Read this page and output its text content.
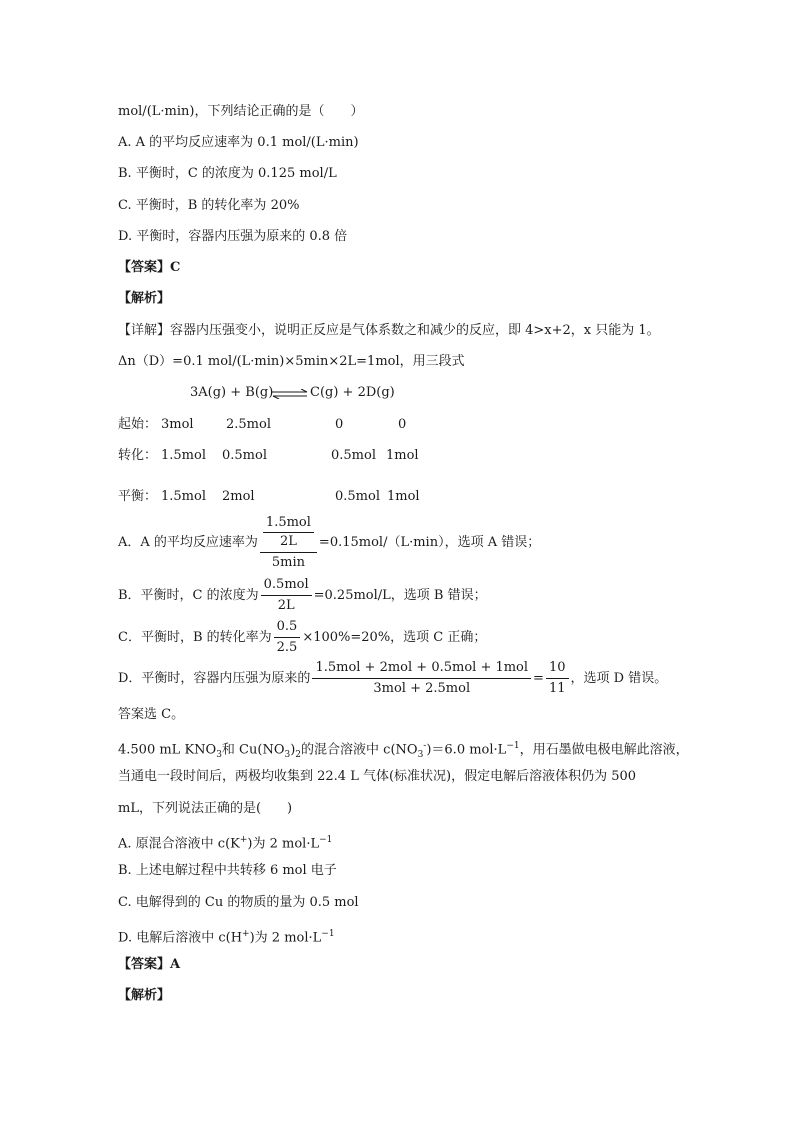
mol/(L·min)，下列结论正确的是（　　）
A. A 的平均反应速率为 0.1 mol/(L·min)
B. 平衡时，C 的浓度为 0.125 mol/L
C. 平衡时，B 的转化率为 20%
D. 平衡时，容器内压强为原来的 0.8 倍
【答案】C
【解析】
【详解】容器内压强变小，说明正反应是气体系数之和减少的反应，即 4>x+2，x 只能为 1。
Δn（D）=0.1 mol/(L·min)×5min×2L=1mol，用三段式
3A(g) + B(g) ⇌ C(g) + 2D(g)
起始： 3mol 2.5mol	0	0
转化： 1.5mol 0.5mol	0.5mol 1mol
平衡： 1.5mol 2mol	0.5mol 1mol
A．A 的平均反应速率为 1.5mol
2L
5min =0.15mol/（L·min），选项 A 错误；
B．平衡时，C 的浓度为 $\frac{\text{0.5mol}}{2L} =0.25mol/L$，选项 B 错误；
C．平衡时，B 的转化率为 $\frac{0.5}{2.5} \times 100\%=20\%$，选项 C 正确；
D．平衡时，容器内压强为原来的 $\frac{\text{1.5mol + 2mol + 0.5mol + 1mol}}{\text{3mol + 2.5mol}} = \frac{10}{11}$ ，选项 D 错误。
答案选 C。
4.500 mL $KNO_3$和 $Cu(NO_3)_2$的混合溶液中 $c(NO_3^-)=6.0$ $mol\cdot L^{-1}$，用石墨做电极电解此溶液，
当通电一段时间后，两极均收集到 22.4 L 气体(标准状况)，假定电解后溶液体积仍为 500
mL，下列说法正确的是(　　)
A. 原混合溶液中 c(K+)为 2 $mol\cdot L^{-1}$
B. 上述电解过程中共转移 6 mol 电子
C. 电解得到的 Cu 的物质的量为 0.5 mol
D. 电解后溶液中 c(H+)为 2 $mol\cdot L^{-1}$
【答案】A
【解析】
